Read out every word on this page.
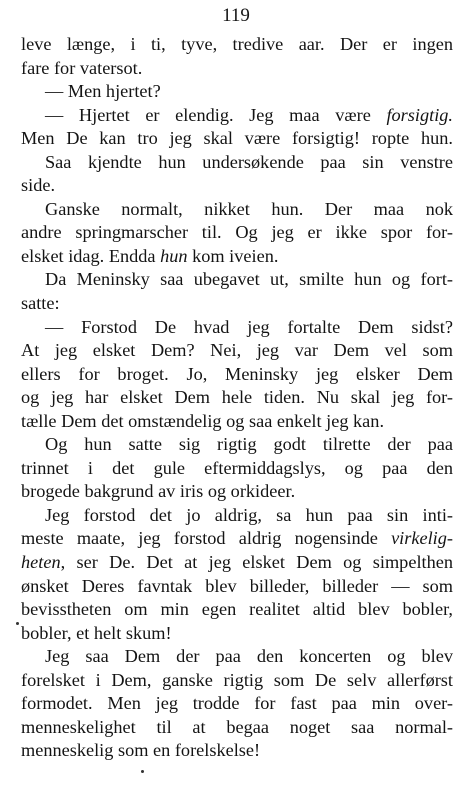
119
leve længe, i ti, tyve, tredive aar. Der er ingen
fare for vatersot.
— Men hjertet?
— Hjertet er elendig. Jeg maa være forsigtig.
Men De kan tro jeg skal være forsigtig! ropte hun.
Saa kjendte hun undersøkende paa sin venstre
side.
Ganske normalt, nikket hun. Der maa nok
andre springmarscher til. Og jeg er ikke spor for-
elsket idag. Endda hun kom iveien.
Da Meninsky saa ubegavet ut, smilte hun og fort-
satte:
— Forstod De hvad jeg fortalte Dem sidst?
At jeg elsket Dem? Nei, jeg var Dem vel som
ellers for broget. Jo, Meninsky jeg elsker Dem
og jeg har elsket Dem hele tiden. Nu skal jeg for-
tælle Dem det omstændelig og saa enkelt jeg kan.
Og hun satte sig rigtig godt tilrette der paa
trinnet i det gule eftermiddagslys, og paa den
brogede bakgrund av iris og orkideer.
Jeg forstod det jo aldrig, sa hun paa sin inti-
meste maate, jeg forstod aldrig nogensinde virkelig-
heten, ser De. Det at jeg elsket Dem og simpelthen
ønsket Deres favntak blev billeder, billeder — som
bevisstheten om min egen realitet altid blev bobler,
bobler, et helt skum!
Jeg saa Dem der paa den koncerten og blev
forelsket i Dem, ganske rigtig som De selv allerførst
formodet. Men jeg trodde for fast paa min over-
menneskelighet til at begaa noget saa normal-
menneskelig som en forelskelse!
